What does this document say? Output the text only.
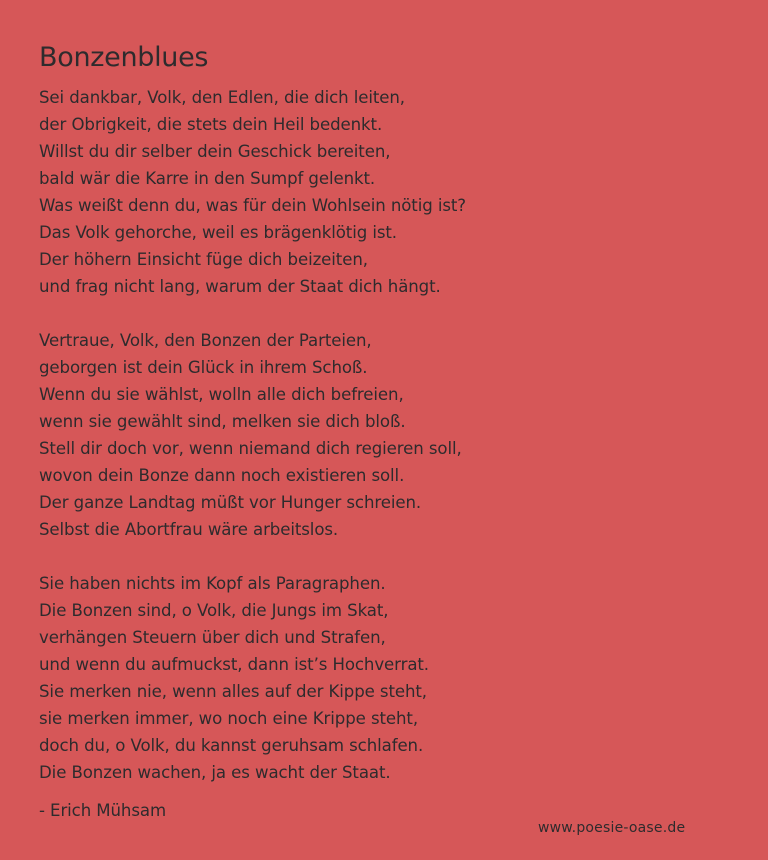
Bonzenblues
Sei dankbar, Volk, den Edlen, die dich leiten,
der Obrigkeit, die stets dein Heil bedenkt.
Willst du dir selber dein Geschick bereiten,
bald wär die Karre in den Sumpf gelenkt.
Was weißt denn du, was für dein Wohlsein nötig ist?
Das Volk gehorche, weil es brägenklötig ist.
Der höhern Einsicht füge dich beizeiten,
und frag nicht lang, warum der Staat dich hängt.
Vertraue, Volk, den Bonzen der Parteien,
geborgen ist dein Glück in ihrem Schoß.
Wenn du sie wählst, wolln alle dich befreien,
wenn sie gewählt sind, melken sie dich bloß.
Stell dir doch vor, wenn niemand dich regieren soll,
wovon dein Bonze dann noch existieren soll.
Der ganze Landtag müßt vor Hunger schreien.
Selbst die Abortfrau wäre arbeitslos.
Sie haben nichts im Kopf als Paragraphen.
Die Bonzen sind, o Volk, die Jungs im Skat,
verhängen Steuern über dich und Strafen,
und wenn du aufmuckst, dann ist’s Hochverrat.
Sie merken nie, wenn alles auf der Kippe steht,
sie merken immer, wo noch eine Krippe steht,
doch du, o Volk, du kannst geruhsam schlafen.
Die Bonzen wachen, ja es wacht der Staat.
- Erich Mühsam
www.poesie-oase.de
